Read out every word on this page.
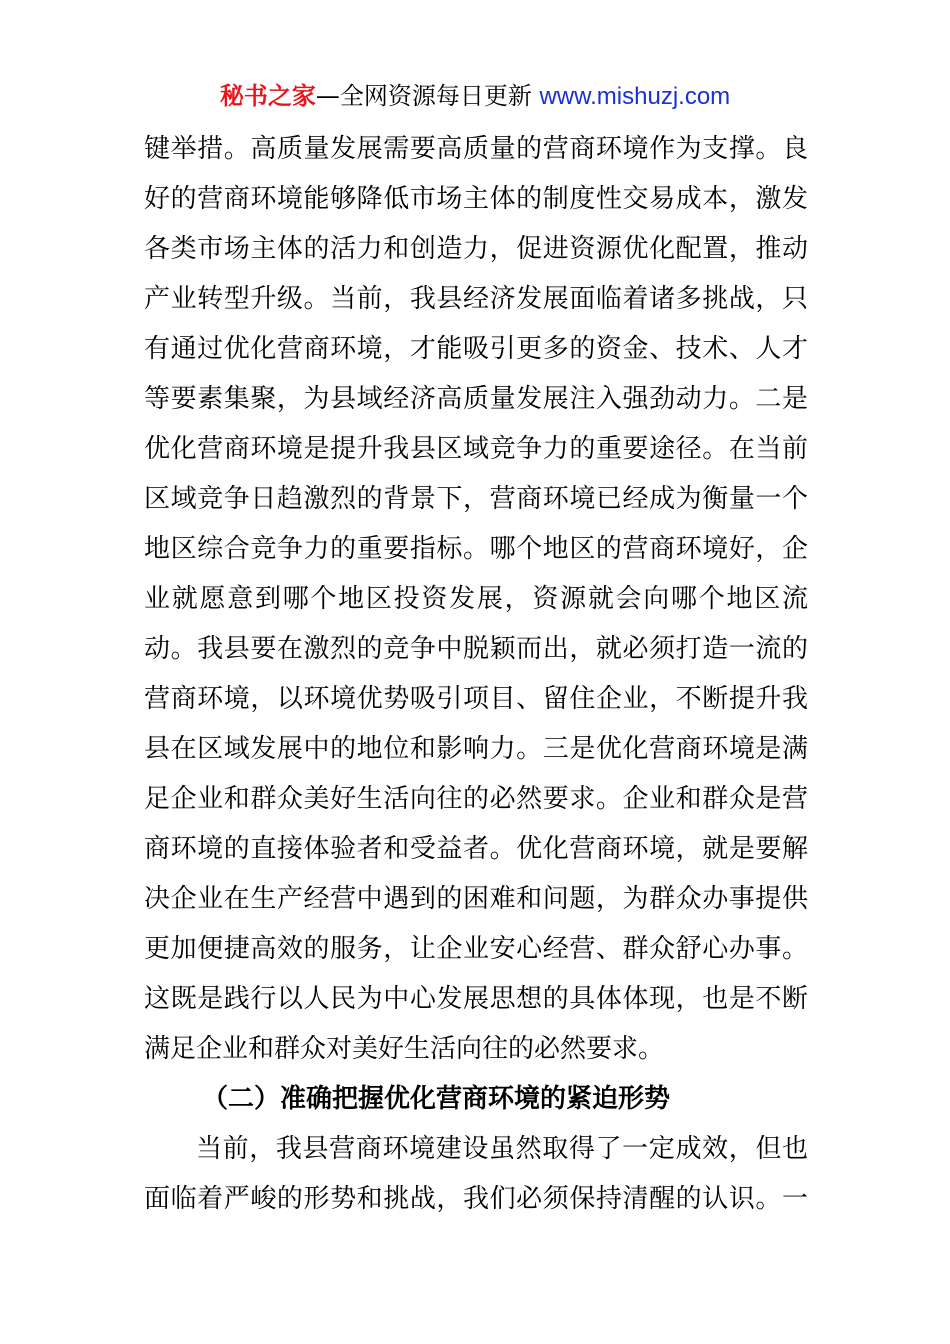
秘书之家—全网资源每日更新 www.mishuzj.com
键举措。高质量发展需要高质量的营商环境作为支撑。良
好的营商环境能够降低市场主体的制度性交易成本，激发
各类市场主体的活力和创造力，促进资源优化配置，推动
产业转型升级。当前，我县经济发展面临着诸多挑战，只
有通过优化营商环境，才能吸引更多的资金、技术、人才
等要素集聚，为县域经济高质量发展注入强劲动力。二是
优化营商环境是提升我县区域竞争力的重要途径。在当前
区域竞争日趋激烈的背景下，营商环境已经成为衡量一个
地区综合竞争力的重要指标。哪个地区的营商环境好，企
业就愿意到哪个地区投资发展，资源就会向哪个地区流
动。我县要在激烈的竞争中脱颖而出，就必须打造一流的
营商环境，以环境优势吸引项目、留住企业，不断提升我
县在区域发展中的地位和影响力。三是优化营商环境是满
足企业和群众美好生活向往的必然要求。企业和群众是营
商环境的直接体验者和受益者。优化营商环境，就是要解
决企业在生产经营中遇到的困难和问题，为群众办事提供
更加便捷高效的服务，让企业安心经营、群众舒心办事。
这既是践行以人民为中心发展思想的具体体现，也是不断
满足企业和群众对美好生活向往的必然要求。
（二）准确把握优化营商环境的紧迫形势
当前，我县营商环境建设虽然取得了一定成效，但也
面临着严峻的形势和挑战，我们必须保持清醒的认识。一
